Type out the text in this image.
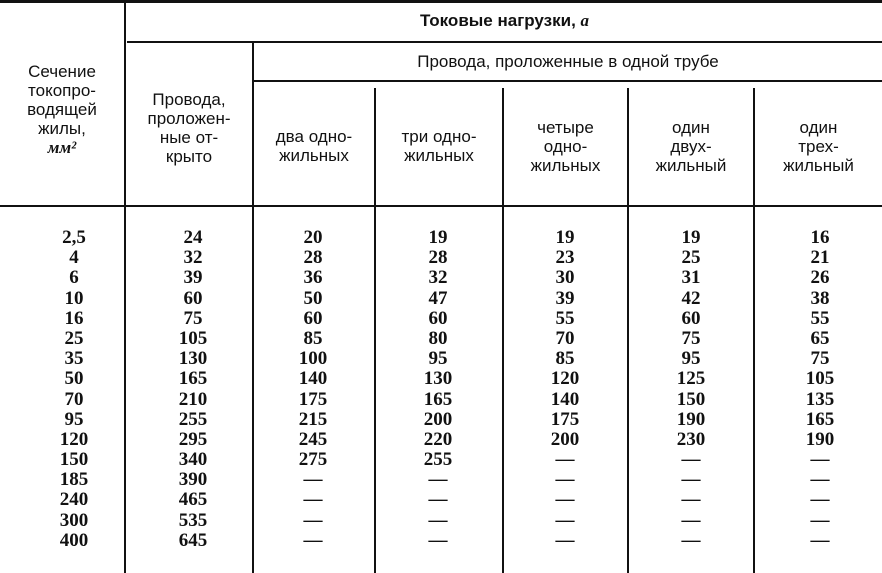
Сечение
токопро-
водящей
жилы,
мм²
Токовые нагрузки, а
Провода, проложенные в одной трубе
Провода,
проложен-
ные от-
крыто
два одно-
жильных
три одно-
жильных
четыре
одно-
жильных
один
двух-
жильный
один
трех-
жильный
2,5
4
6
10
16
25
35
50
70
95
120
150
185
240
300
400
24
32
39
60
75
105
130
165
210
255
295
340
390
465
535
645
20
28
36
50
60
85
100
140
175
215
245
275
—
—
—
—
19
28
32
47
60
80
95
130
165
200
220
255
—
—
—
—
19
23
30
39
55
70
85
120
140
175
200
—
—
—
—
—
19
25
31
42
60
75
95
125
150
190
230
—
—
—
—
—
16
21
26
38
55
65
75
105
135
165
190
—
—
—
—
—
